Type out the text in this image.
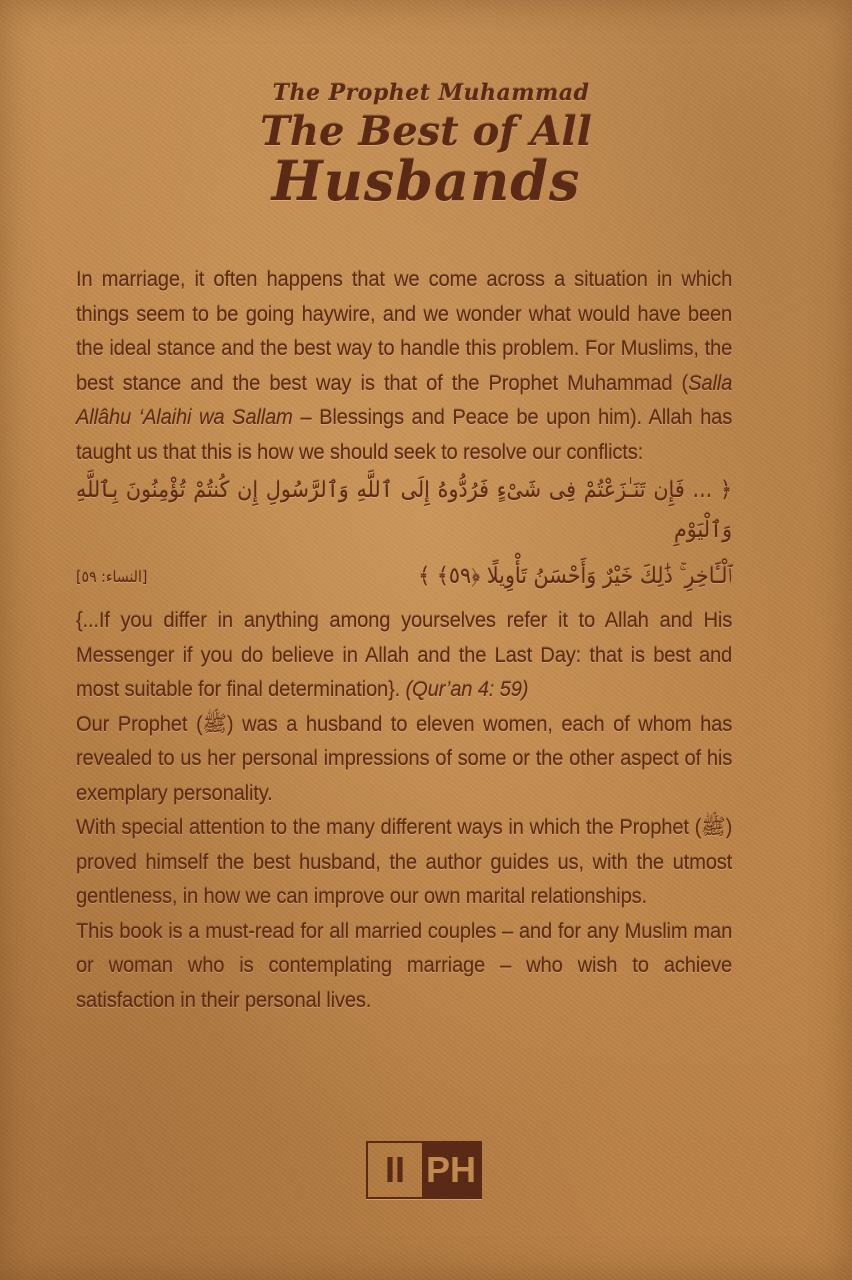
The Prophet Muhammad
The Best of All
Husbands

In marriage, it often happens that we come across a situation in which things seem to be going haywire, and we wonder what would have been the ideal stance and the best way to handle this problem. For Muslims, the best stance and the best way is that of the Prophet Muhammad (Salla Allâhu ‘Alaihi wa Sallam – Blessings and Peace be upon him). Allah has taught us that this is how we should seek to resolve our conflicts:

﴿ ... فَإِن تَنَـٰزَعْتُمْ فِى شَىْءٍ فَرُدُّوهُ إِلَى ٱللَّهِ وَٱلرَّسُولِ إِن كُنتُمْ تُؤْمِنُونَ بِٱللَّهِ وَٱلْيَوْمِ
[النساء: ٥٩]	ٱلْـَٔاخِرِ ۚ ذَٰلِكَ خَيْرٌ وَأَحْسَنُ تَأْوِيلًا ﴿٥٩﴾ ﴾

{...If you differ in anything among yourselves refer it to Allah and His Messenger if you do believe in Allah and the Last Day: that is best and most suitable for final determination}. (Qur’an 4: 59)

Our Prophet (ﷺ) was a husband to eleven women, each of whom has revealed to us her personal impressions of some or the other aspect of his exemplary personality.

With special attention to the many different ways in which the Prophet (ﷺ) proved himself the best husband, the author guides us, with the utmost gentleness, in how we can improve our own marital relationships.

This book is a must-read for all married couples – and for any Muslim man or woman who is contemplating marriage – who wish to achieve satisfaction in their personal lives.

II PH
